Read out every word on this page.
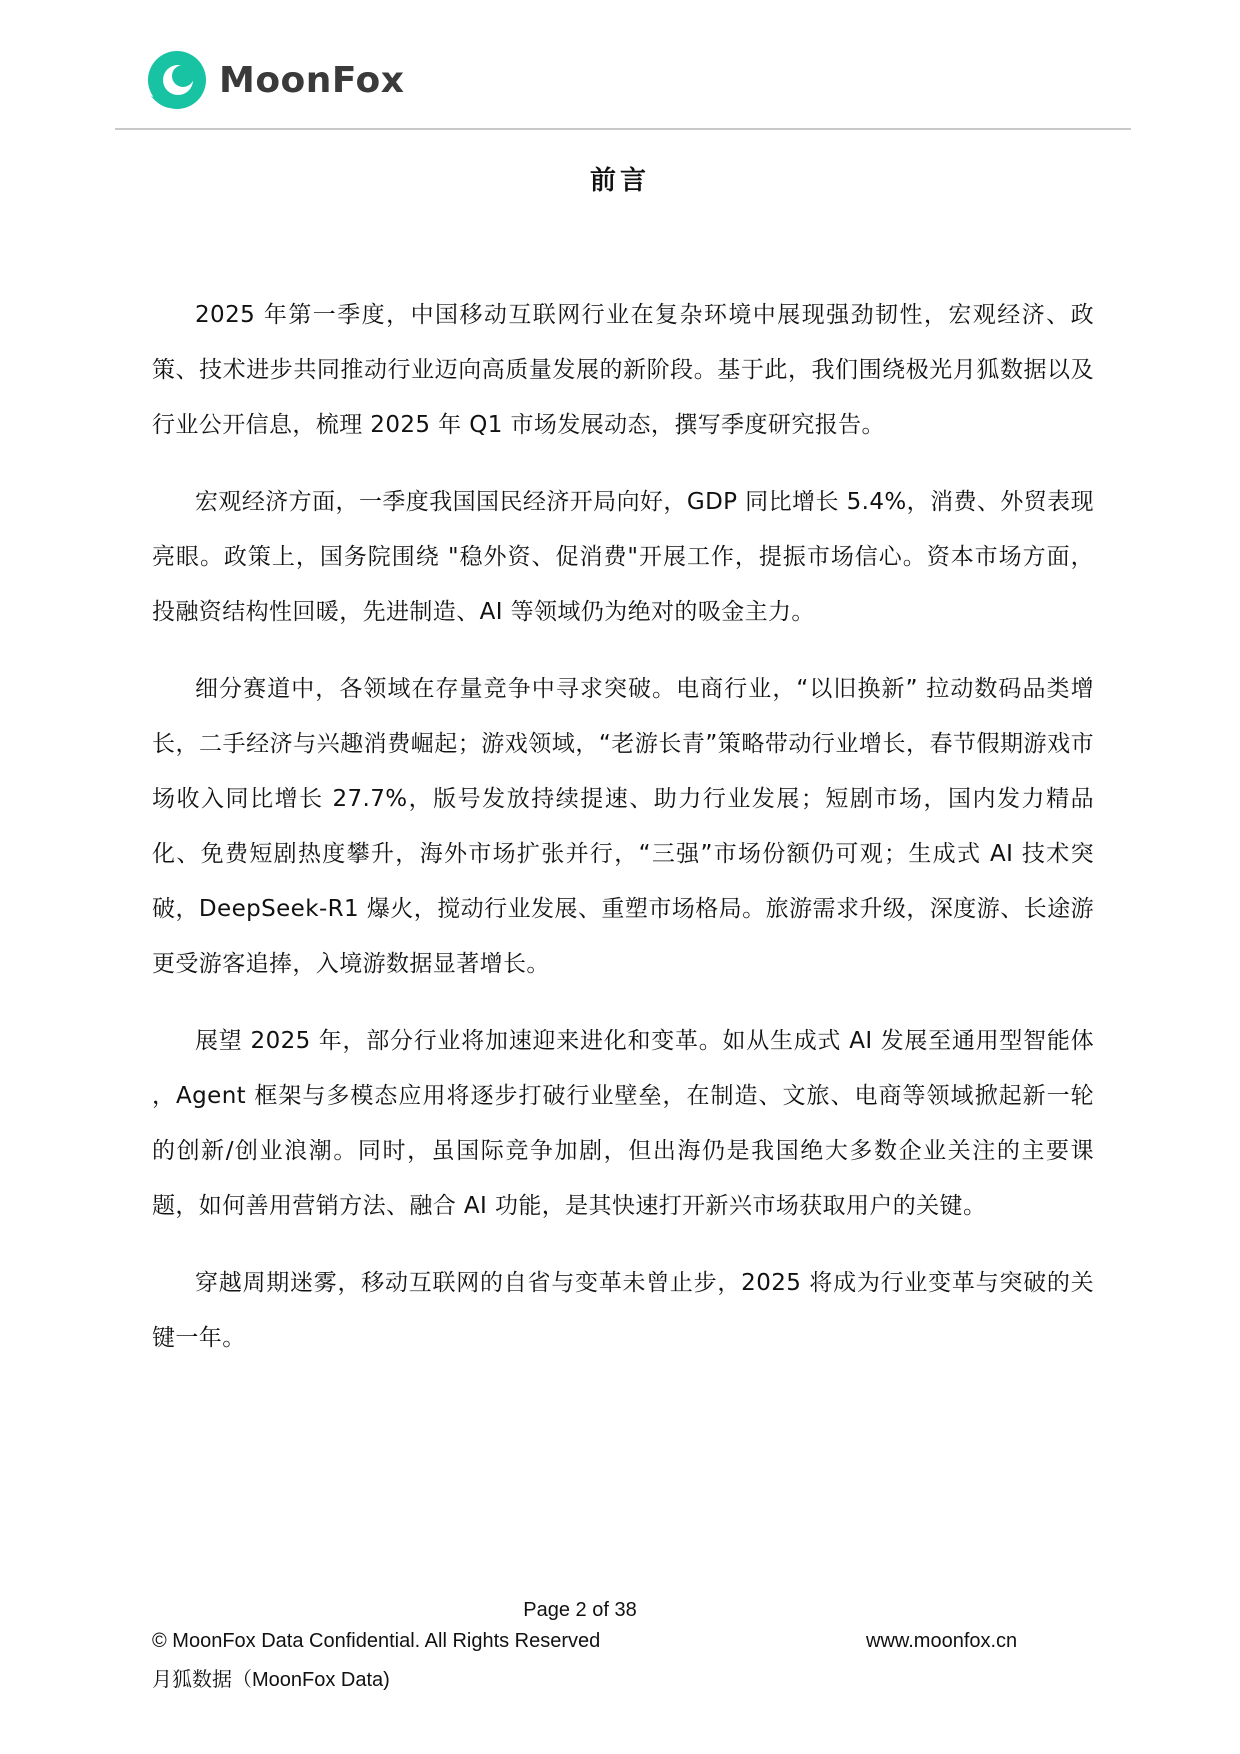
MoonFox
前言

2025 年第一季度，中国移动互联网行业在复杂环境中展现强劲韧性，宏观经济、政策、技术进步共同推动行业迈向高质量发展的新阶段。基于此，我们围绕极光月狐数据以及行业公开信息，梳理 2025 年 Q1 市场发展动态，撰写季度研究报告。

宏观经济方面，一季度我国国民经济开局向好，GDP 同比增长 5.4%，消费、外贸表现亮眼。政策上，国务院围绕 "稳外资、促消费"开展工作，提振市场信心。资本市场方面，投融资结构性回暖，先进制造、AI 等领域仍为绝对的吸金主力。

细分赛道中，各领域在存量竞争中寻求突破。电商行业，“以旧换新” 拉动数码品类增长，二手经济与兴趣消费崛起；游戏领域，“老游长青”策略带动行业增长，春节假期游戏市场收入同比增长 27.7%，版号发放持续提速、助力行业发展；短剧市场，国内发力精品化、免费短剧热度攀升，海外市场扩张并行，“三强”市场份额仍可观；生成式 AI 技术突破，DeepSeek-R1 爆火，搅动行业发展、重塑市场格局。旅游需求升级，深度游、长途游更受游客追捧，入境游数据显著增长。

展望 2025 年，部分行业将加速迎来进化和变革。如从生成式 AI 发展至通用型智能体 ，Agent 框架与多模态应用将逐步打破行业壁垒，在制造、文旅、电商等领域掀起新一轮的创新/创业浪潮。同时，虽国际竞争加剧，但出海仍是我国绝大多数企业关注的主要课题，如何善用营销方法、融合 AI 功能，是其快速打开新兴市场获取用户的关键。

穿越周期迷雾，移动互联网的自省与变革未曾止步，2025 将成为行业变革与突破的关键一年。

Page 2 of 38
© MoonFox Data Confidential. All Rights Reserved	www.moonfox.cn
月狐数据（MoonFox Data)
